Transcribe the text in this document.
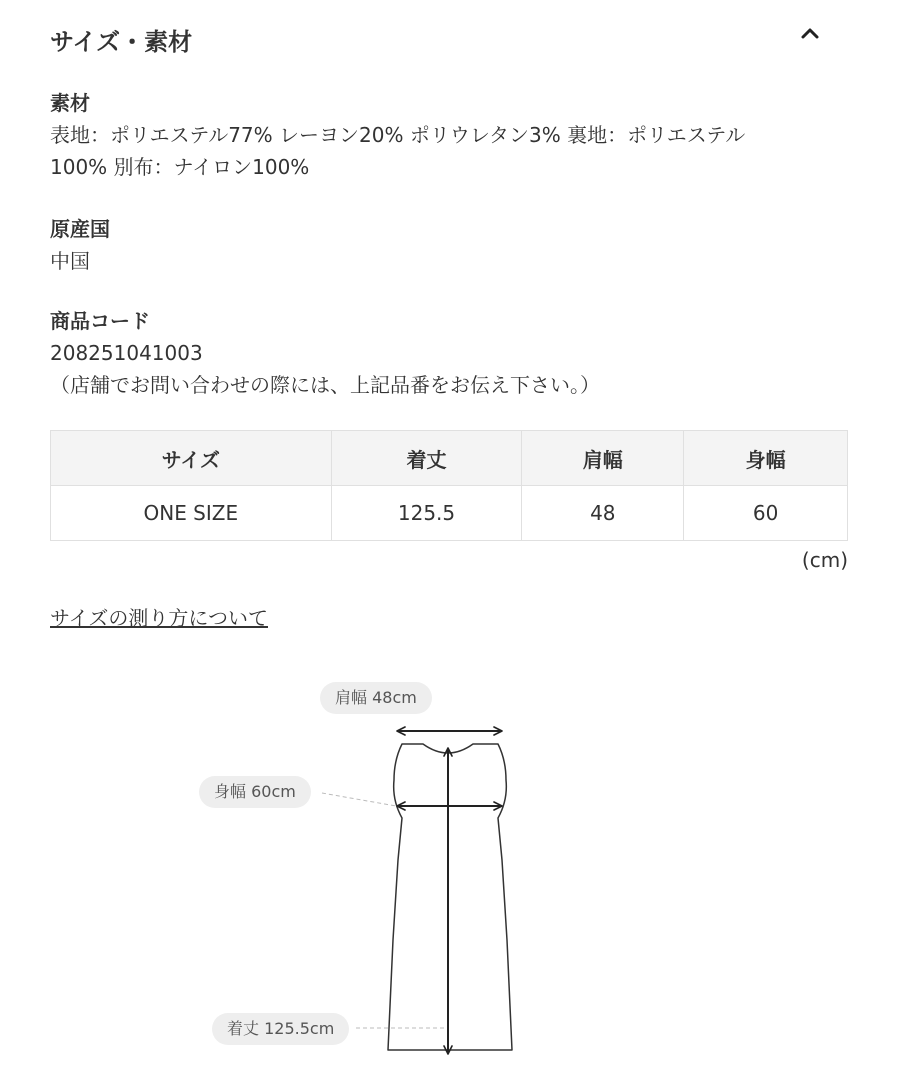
サイズ・素材
素材
表地：ポリエステル77% レーヨン20% ポリウレタン3% 裏地：ポリエステル
100% 別布：ナイロン100%
原産国
中国
商品コード
208251041003
（店舗でお問い合わせの際には、上記品番をお伝え下さい。）
サイズ	着丈	肩幅	身幅
ONE SIZE	125.5	48	60
(cm)
サイズの測り方について
肩幅 48cm
身幅 60cm
着丈 125.5cm
